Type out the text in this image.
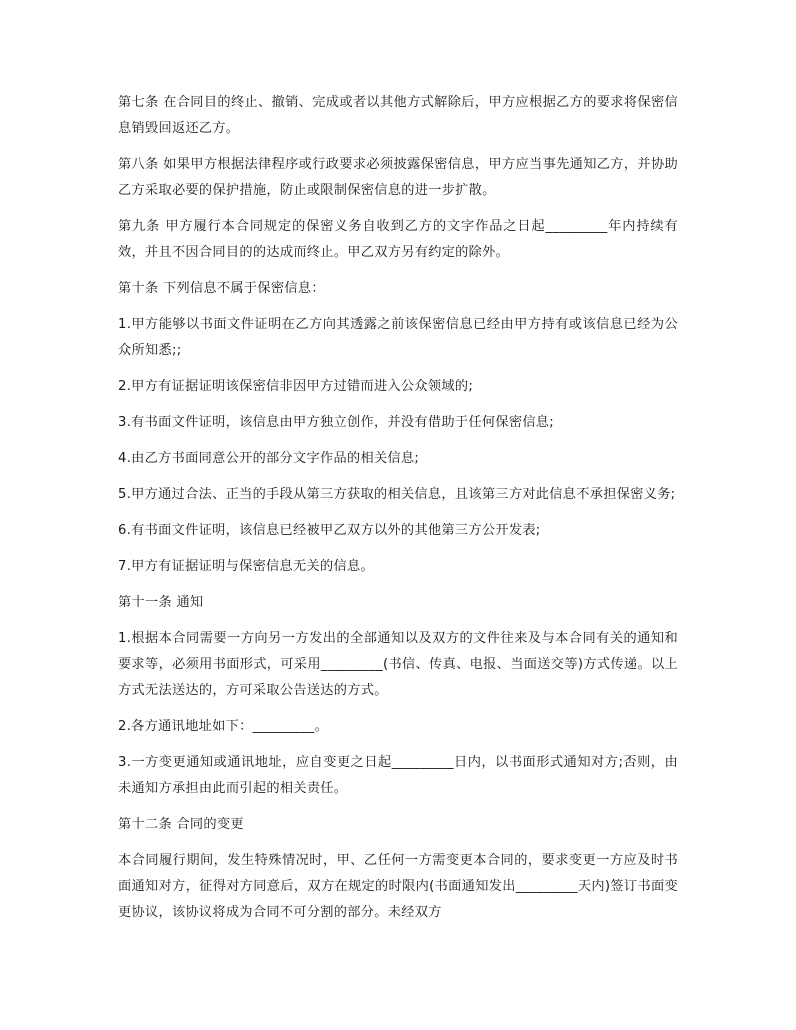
第七条 在合同目的终止、撤销、完成或者以其他方式解除后，甲方应根据乙方的要求将保密信息销毁回返还乙方。

第八条 如果甲方根据法律程序或行政要求必须披露保密信息，甲方应当事先通知乙方，并协助乙方采取必要的保护措施，防止或限制保密信息的进一步扩散。

第九条 甲方履行本合同规定的保密义务自收到乙方的文字作品之日起_________年内持续有效，并且不因合同目的的达成而终止。甲乙双方另有约定的除外。

第十条 下列信息不属于保密信息：

1.甲方能够以书面文件证明在乙方向其透露之前该保密信息已经由甲方持有或该信息已经为公众所知悉;;

2.甲方有证据证明该保密信非因甲方过错而进入公众领域的;

3.有书面文件证明，该信息由甲方独立创作，并没有借助于任何保密信息;

4.由乙方书面同意公开的部分文字作品的相关信息;

5.甲方通过合法、正当的手段从第三方获取的相关信息，且该第三方对此信息不承担保密义务;

6.有书面文件证明，该信息已经被甲乙双方以外的其他第三方公开发表;

7.甲方有证据证明与保密信息无关的信息。

第十一条 通知

1.根据本合同需要一方向另一方发出的全部通知以及双方的文件往来及与本合同有关的通知和要求等，必须用书面形式，可采用_________(书信、传真、电报、当面送交等)方式传递。以上方式无法送达的，方可采取公告送达的方式。

2.各方通讯地址如下：_________。

3.一方变更通知或通讯地址，应自变更之日起_________日内，以书面形式通知对方;否则，由未通知方承担由此而引起的相关责任。

第十二条 合同的变更

本合同履行期间，发生特殊情况时，甲、乙任何一方需变更本合同的，要求变更一方应及时书面通知对方，征得对方同意后，双方在规定的时限内(书面通知发出_________天内)签订书面变更协议，该协议将成为合同不可分割的部分。未经双方
